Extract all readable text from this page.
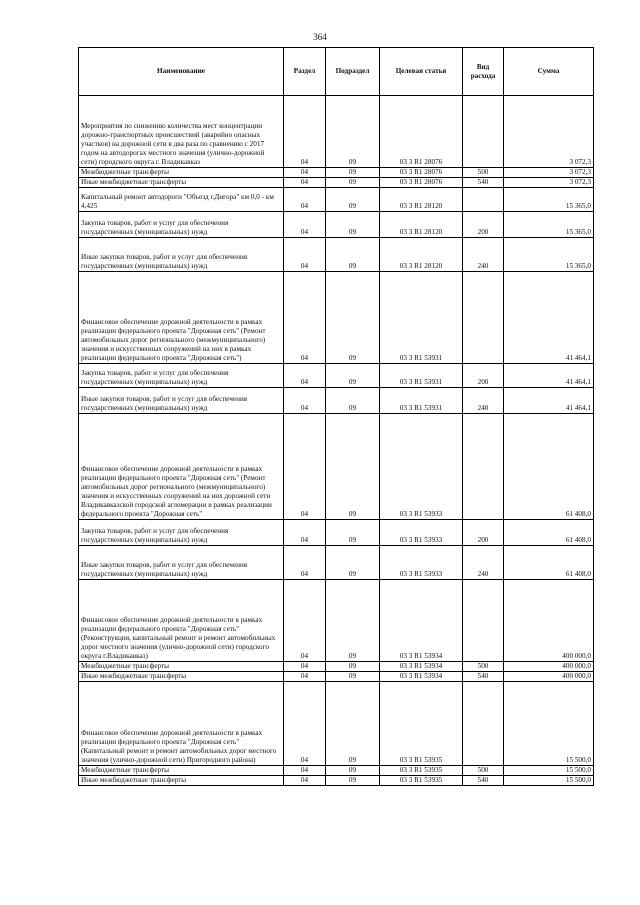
364
Наименование	Раздел	Подраздел	Целевая статья	Вид расхода	Сумма
Мероприятия по снижению количества мест концентрации дорожно-транспортных происшествий (аварийно опасных участков) на дорожной сети в два раза по сравнению с 2017 годом на автодорогах местного значения (улично-дорожной сети) городского округа г. Владикавказ	04	09	03 3 R1 28076		3 072,3
Межбюджетные трансферты	04	09	03 3 R1 28076	500	3 072,3
Иные межбюджетные трансферты	04	09	03 3 R1 28076	540	3 072,3
Капитальный ремонт автодороги "Объезд г.Дигора" км 0,0 - км 4,425	04	09	03 3 R1 28120		15 365,0
Закупка товаров, работ и услуг для обеспечения государственных (муниципальных) нужд	04	09	03 3 R1 28120	200	15 365,0
Иные закупки товаров, работ и услуг для обеспечения государственных (муниципальных) нужд	04	09	03 3 R1 28120	240	15 365,0
Финансовое обеспечение дорожной деятельности в рамках реализации федерального проекта "Дорожная сеть" (Ремонт автомобильных дорог регионального (межмуниципального) значения и искусственных сооружений на них в рамках реализации федерального проекта "Дорожная сеть")	04	09	03 3 R1 53931		41 464,1
Закупка товаров, работ и услуг для обеспечения государственных (муниципальных) нужд	04	09	03 3 R1 53931	200	41 464,1
Иные закупки товаров, работ и услуг для обеспечения государственных (муниципальных) нужд	04	09	03 3 R1 53931	240	41 464,1
Финансовое обеспечение дорожной деятельности в рамках реализации федерального проекта "Дорожная сеть" (Ремонт автомобильных дорог регионального (межмуниципального) значения и искусственных сооружений на них дорожной сети Владикавказской городской агломерации в рамках реализации федерального проекта "Дорожная сеть"	04	09	03 3 R1 53933		61 408,0
Закупка товаров, работ и услуг для обеспечения государственных (муниципальных) нужд	04	09	03 3 R1 53933	200	61 408,0
Иные закупки товаров, работ и услуг для обеспечения государственных (муниципальных) нужд	04	09	03 3 R1 53933	240	61 408,0
Финансовое обеспечение дорожной деятельности в рамках реализации федерального проекта "Дорожная сеть" (Реконструкция, капитальный ремонт и ремонт автомобильных дорог местного значения (улично-дорожной сети) городского округа г.Владикавказ)	04	09	03 3 R1 53934		400 000,0
Межбюджетные трансферты	04	09	03 3 R1 53934	500	400 000,0
Иные межбюджетные трансферты	04	09	03 3 R1 53934	540	400 000,0
Финансовое обеспечение дорожной деятельности в рамках реализации федерального проекта "Дорожная сеть" (Капитальный ремонт и ремонт автомобильных дорог местного значения (улично-дорожной сети) Пригородного района)	04	09	03 3 R1 53935		15 500,0
Межбюджетные трансферты	04	09	03 3 R1 53935	500	15 500,0
Иные межбюджетные трансферты	04	09	03 3 R1 53935	540	15 500,0
